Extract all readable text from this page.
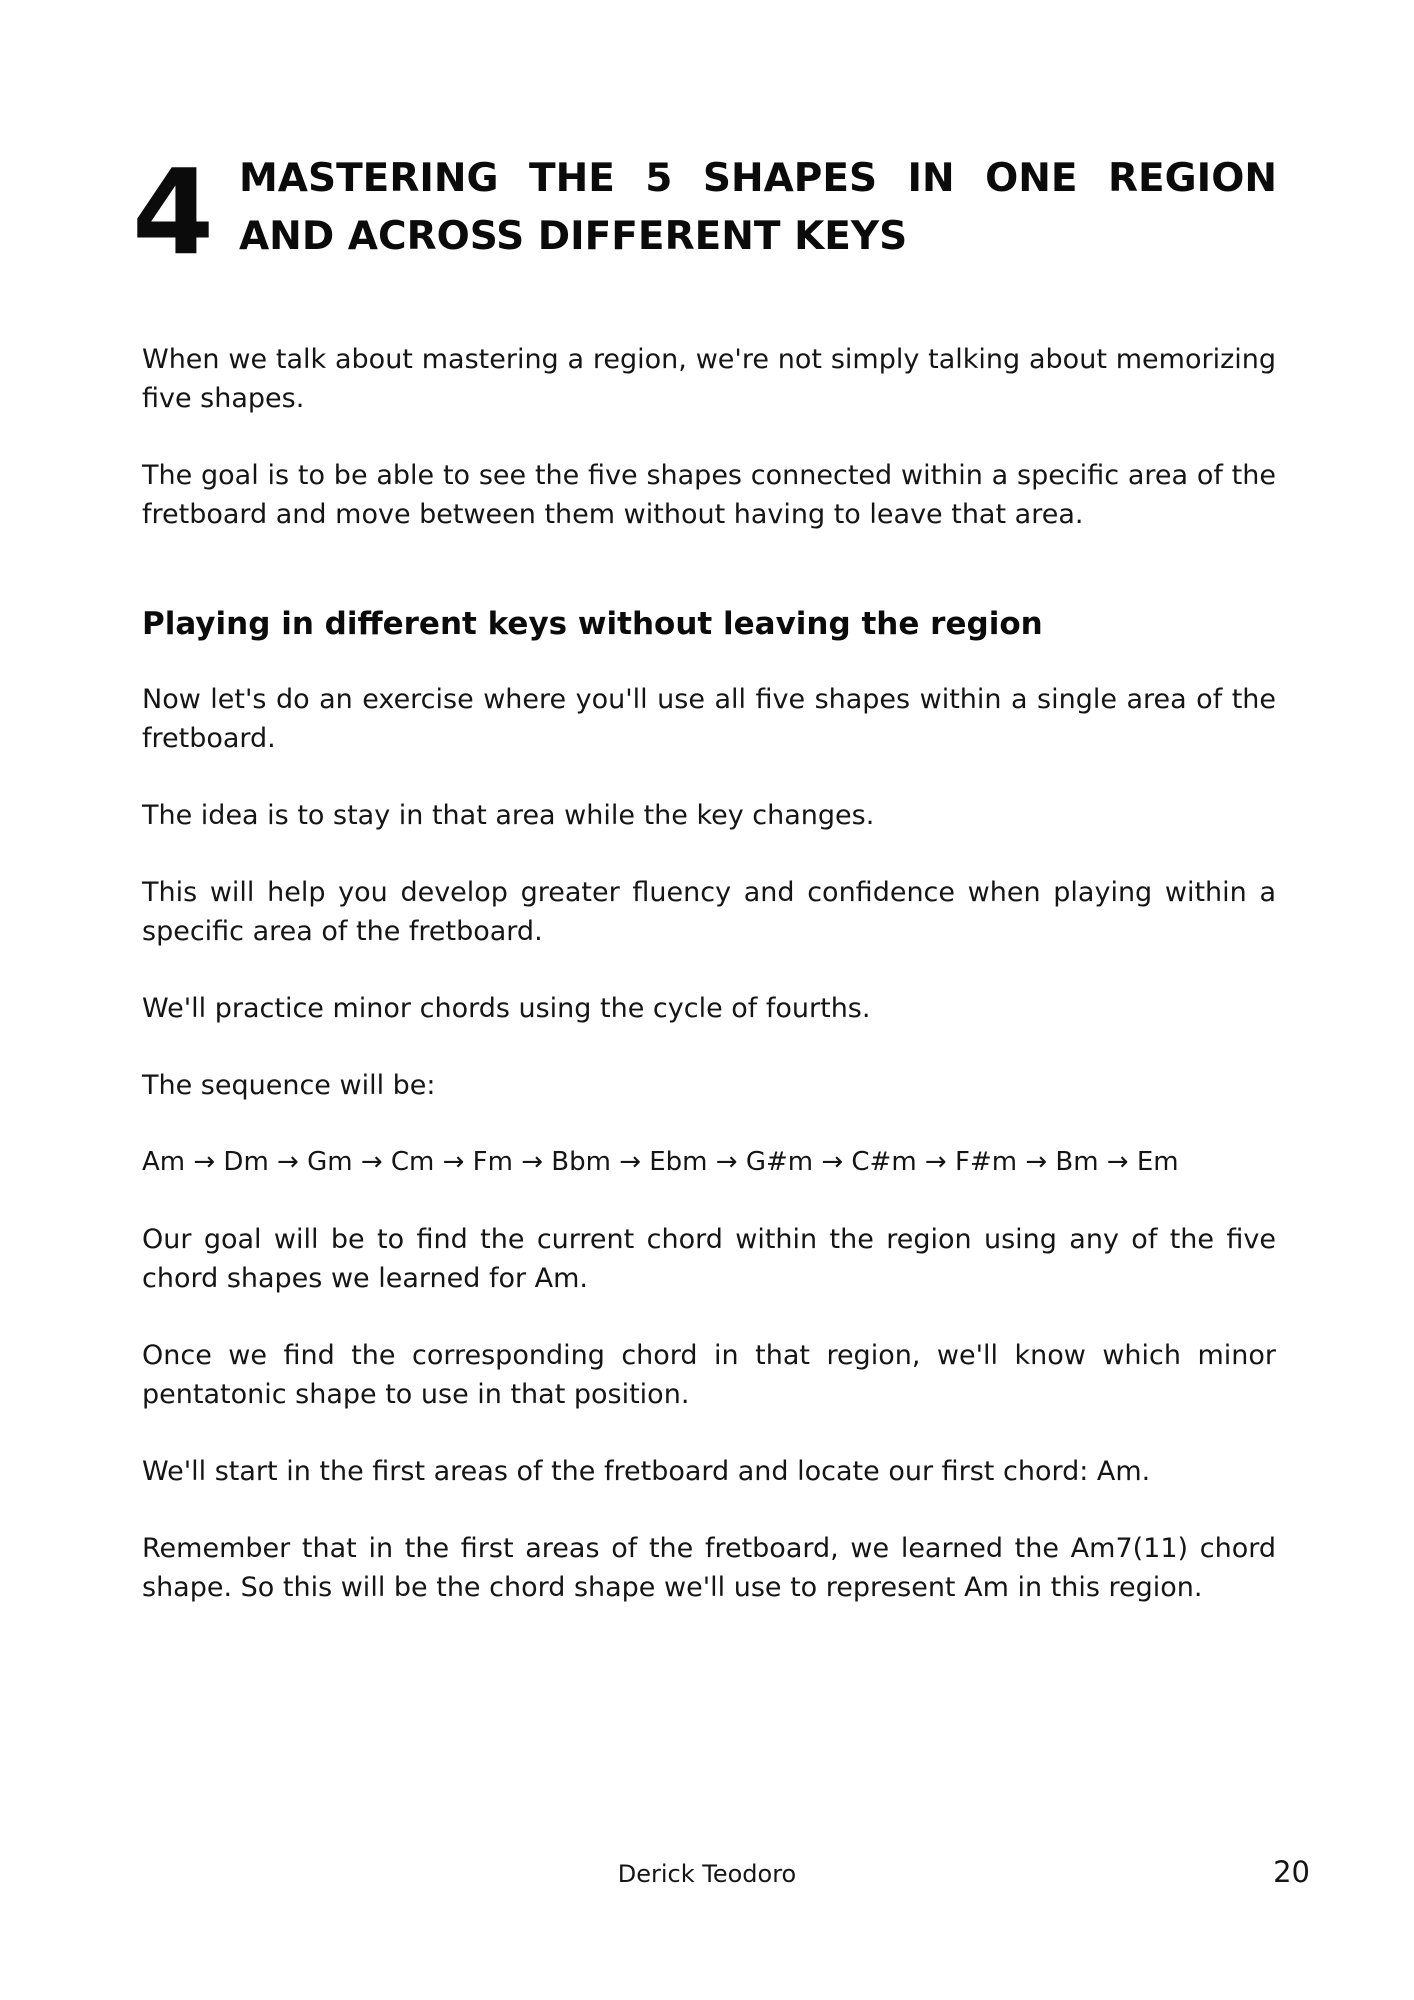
4 MASTERING THE 5 SHAPES IN ONE REGION AND ACROSS DIFFERENT KEYS

When we talk about mastering a region, we're not simply talking about memorizing five shapes.

The goal is to be able to see the five shapes connected within a specific area of the fretboard and move between them without having to leave that area.

Playing in different keys without leaving the region

Now let's do an exercise where you'll use all five shapes within a single area of the fretboard.

The idea is to stay in that area while the key changes.

This will help you develop greater fluency and confidence when playing within a specific area of the fretboard.

We'll practice minor chords using the cycle of fourths.

The sequence will be:

Am → Dm → Gm → Cm → Fm → Bbm → Ebm → G#m → C#m → F#m → Bm → Em

Our goal will be to find the current chord within the region using any of the five chord shapes we learned for Am.

Once we find the corresponding chord in that region, we'll know which minor pentatonic shape to use in that position.

We'll start in the first areas of the fretboard and locate our first chord: Am.

Remember that in the first areas of the fretboard, we learned the Am7(11) chord shape. So this will be the chord shape we'll use to represent Am in this region.

Derick Teodoro	20
